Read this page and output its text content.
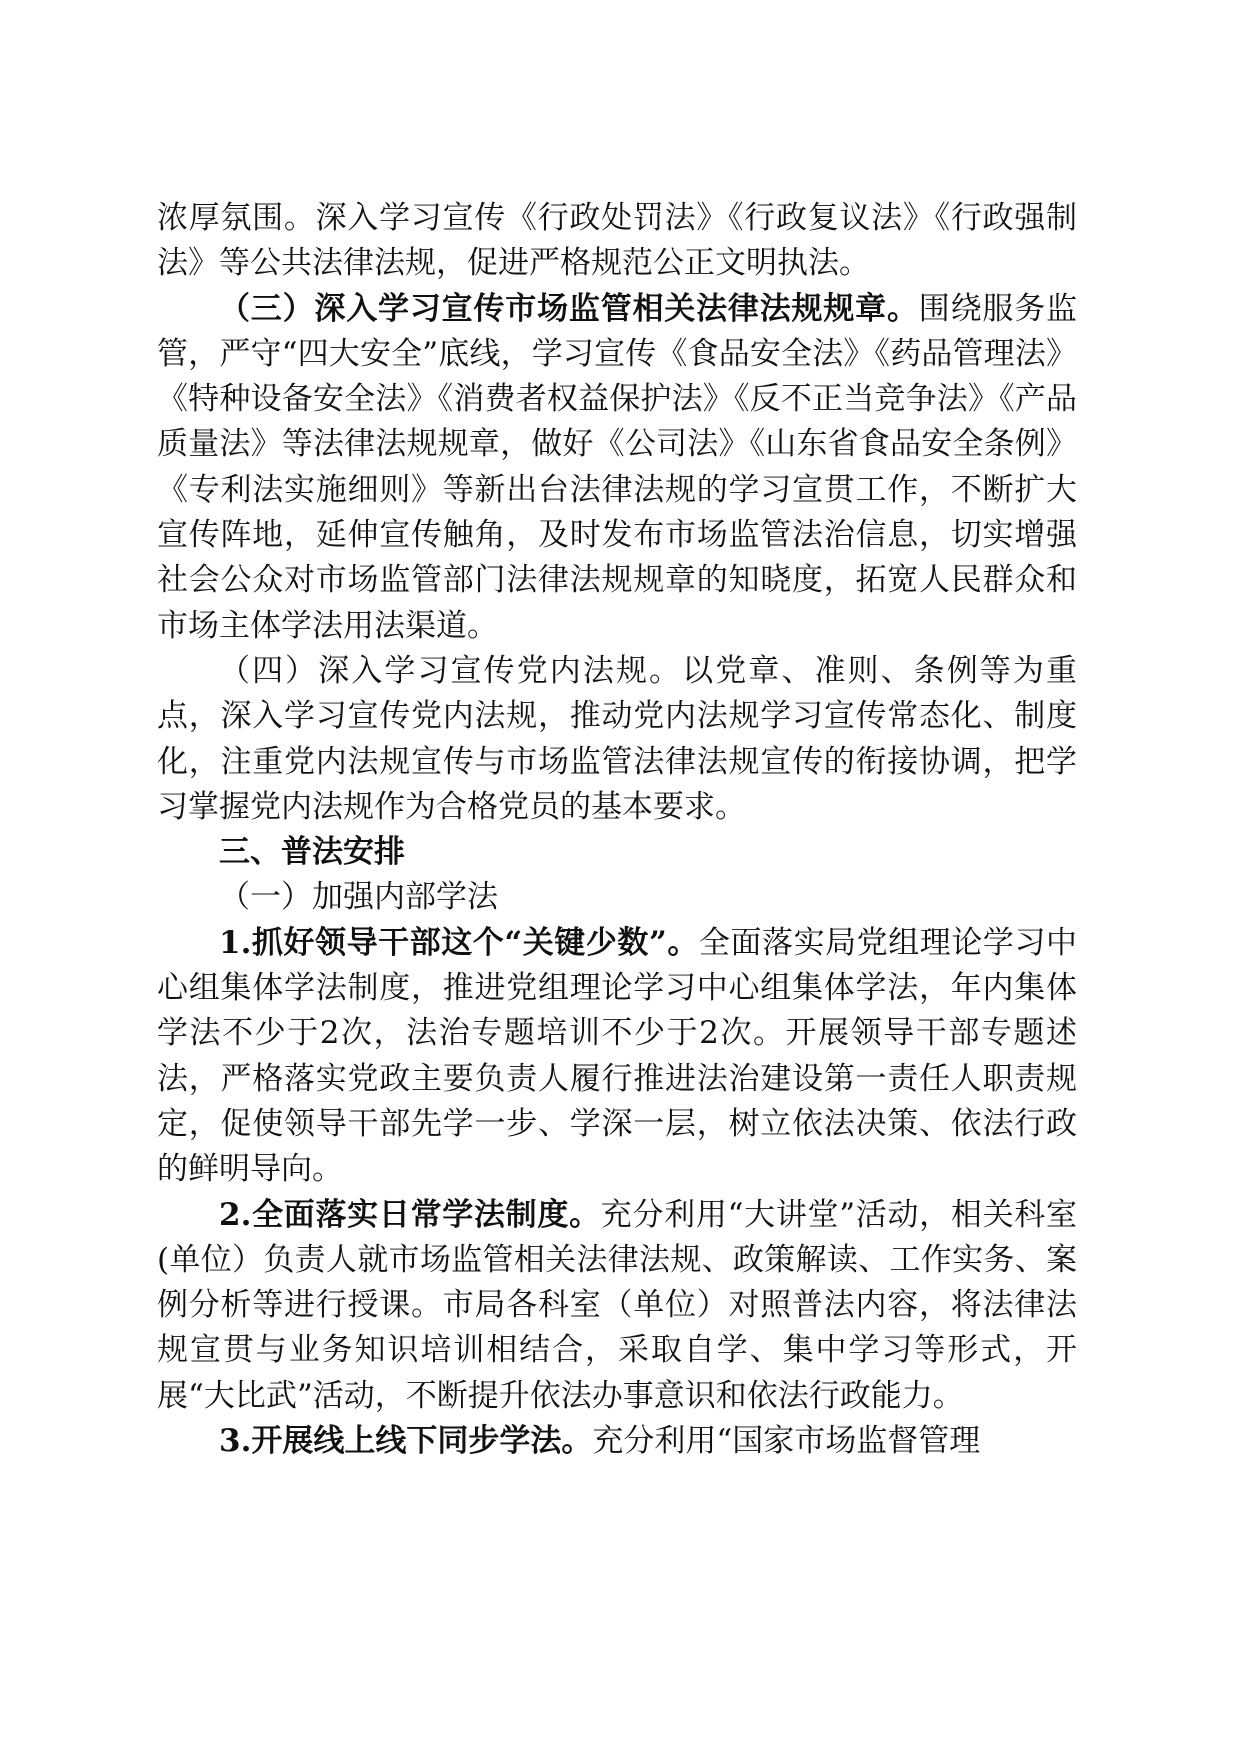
浓厚氛围。深入学习宣传《行政处罚法》《行政复议法》《行政强制法》等公共法律法规，促进严格规范公正文明执法。

（三）深入学习宣传市场监管相关法律法规规章。围绕服务监管，严守“四大安全”底线，学习宣传《食品安全法》《药品管理法》《特种设备安全法》《消费者权益保护法》《反不正当竞争法》《产品质量法》等法律法规规章，做好《公司法》《山东省食品安全条例》《专利法实施细则》等新出台法律法规的学习宣贯工作，不断扩大宣传阵地，延伸宣传触角，及时发布市场监管法治信息，切实增强社会公众对市场监管部门法律法规规章的知晓度，拓宽人民群众和市场主体学法用法渠道。

（四）深入学习宣传党内法规。以党章、准则、条例等为重点，深入学习宣传党内法规，推动党内法规学习宣传常态化、制度化，注重党内法规宣传与市场监管法律法规宣传的衔接协调，把学习掌握党内法规作为合格党员的基本要求。

三、普法安排

（一）加强内部学法

1.抓好领导干部这个“关键少数”。全面落实局党组理论学习中心组集体学法制度，推进党组理论学习中心组集体学法，年内集体学法不少于2次，法治专题培训不少于2次。开展领导干部专题述法，严格落实党政主要负责人履行推进法治建设第一责任人职责规定，促使领导干部先学一步、学深一层，树立依法决策、依法行政的鲜明导向。

2.全面落实日常学法制度。充分利用“大讲堂”活动，相关科室(单位）负责人就市场监管相关法律法规、政策解读、工作实务、案例分析等进行授课。市局各科室（单位）对照普法内容，将法律法规宣贯与业务知识培训相结合，采取自学、集中学习等形式，开展“大比武”活动，不断提升依法办事意识和依法行政能力。

3.开展线上线下同步学法。充分利用“国家市场监督管理
